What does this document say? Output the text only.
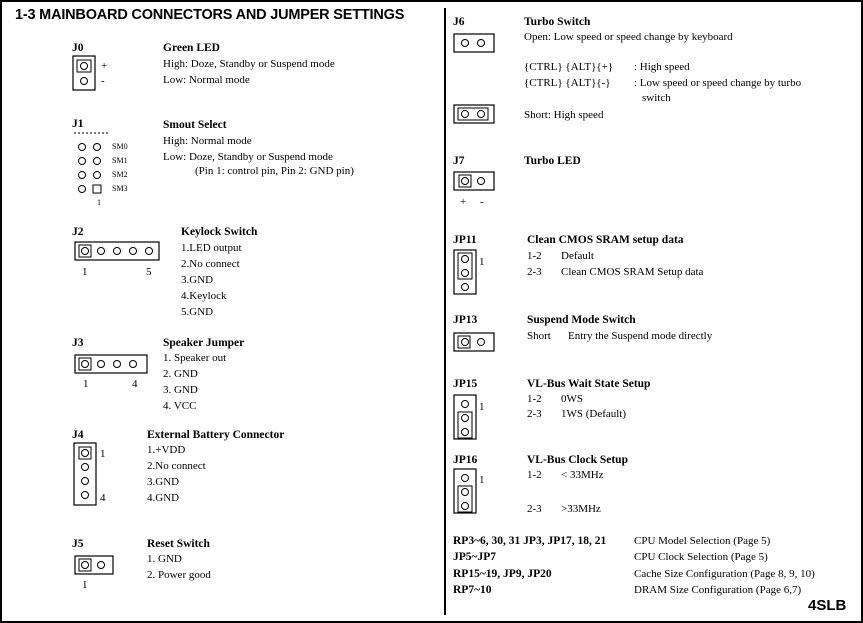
1-3 MAINBOARD CONNECTORS AND JUMPER SETTINGS
J0
+
-
Green LED
High: Doze, Standby or Suspend mode
Low: Normal mode
J1
SM0
SM1
SM2
SM3
1
Smout Select
High: Normal mode
Low: Doze, Standby or Suspend mode
(Pin 1: control pin, Pin 2: GND pin)
J2
1	5
Keylock Switch
1.LED output
2.No connect
3.GND
4.Keylock
5.GND
J3
1	4
Speaker Jumper
1. Speaker out
2. GND
3. GND
4. VCC
J4
1
4
External Battery Connector
1.+VDD
2.No connect
3.GND
4.GND
J5
1
Reset Switch
1. GND
2. Power good
J6	Turbo Switch
Open: Low speed or speed change by keyboard
{CTRL} {ALT}{+} : High speed
{CTRL} {ALT}{-} : Low speed or speed change by turbo
switch
Short: High speed
J7
+ -
Turbo LED
JP11
1
Clean CMOS SRAM setup data
1-2 Default
2-3 Clean CMOS SRAM Setup data
JP13	Suspend Mode Switch
Short Entry the Suspend mode directly
JP15
1
VL-Bus Wait State Setup
1-2 0WS
2-3 1WS (Default)
JP16
1
VL-Bus Clock Setup
1-2 < 33MHz
2-3 >33MHz
RP3~6, 30, 31 JP3, JP17, 18, 21	CPU Model Selection (Page 5)
JP5~JP7	CPU Clock Selection (Page 5)
RP15~19, JP9, JP20	Cache Size Configuration (Page 8, 9, 10)
RP7~10	DRAM Size Configuration (Page 6,7)
4SLB
